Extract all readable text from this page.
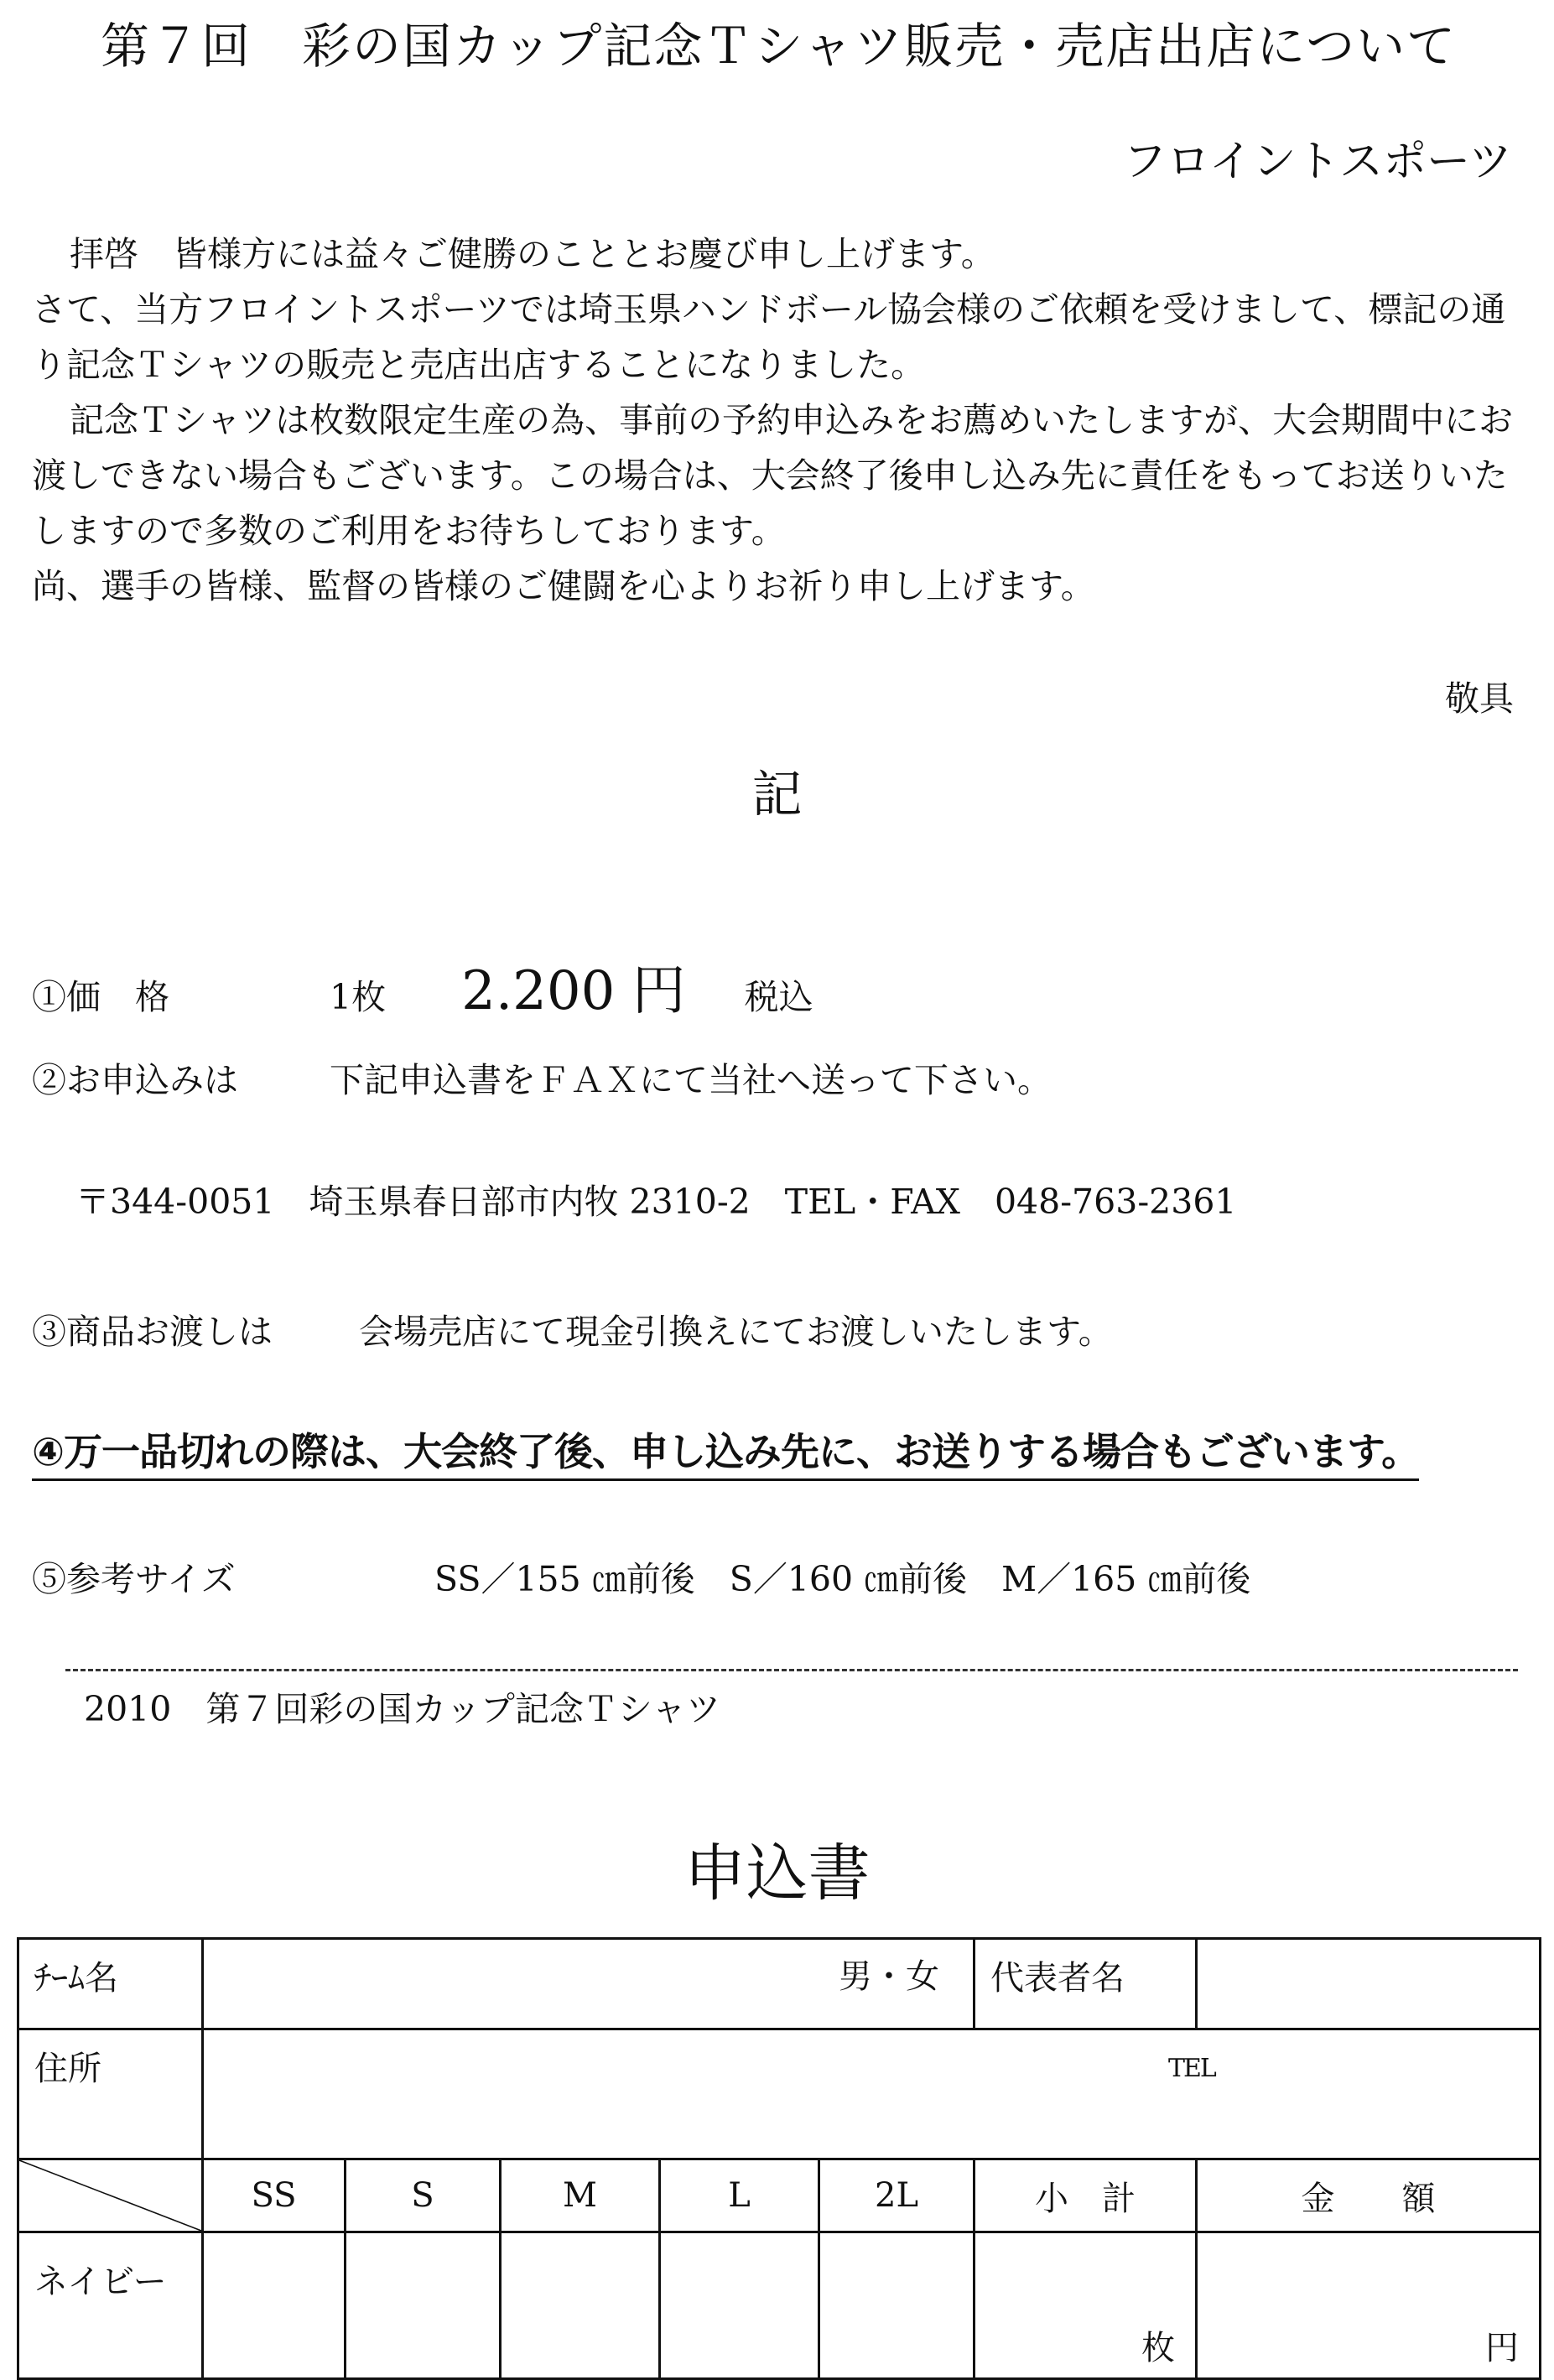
第７回　彩の国カップ記念Ｔシャツ販売・売店出店について
フロイントスポーツ

拝啓　皆様方には益々ご健勝のこととお慶び申し上げます。

さて、当方フロイントスポーツでは埼玉県ハンドボール協会様のご依頼を受けまして、標記の通り記念Ｔシャツの販売と売店出店することになりました。

記念Ｔシャツは枚数限定生産の為、事前の予約申込みをお薦めいたしますが、大会期間中にお渡しできない場合もございます。この場合は、大会終了後申し込み先に責任をもってお送りいたしますので多数のご利用をお待ちしております。

尚、選手の皆様、監督の皆様のご健闘を心よりお祈り申し上げます。

敬具
記
①価　格	1枚 2.200 円 税込
②お申込みは	下記申込書をＦＡＸにて当社へ送って下さい。
〒344-0051　埼玉県春日部市内牧 2310-2　TEL・FAX　048-763-2361
③商品お渡しは	会場売店にて現金引換えにてお渡しいたします。
④万一品切れの際は、大会終了後、申し込み先に、お送りする場合もございます。
⑤参考サイズ	SS／155 ㎝前後　S／160 ㎝前後　M／165 ㎝前後
2010　第７回彩の国カップ記念Ｔシャツ
申込書
ﾁｰﾑ名	男・女					代表者名	

住所	TEL						

	SS	S	M	L	2L	小　計	金　　額

ネイビー						枚	円
